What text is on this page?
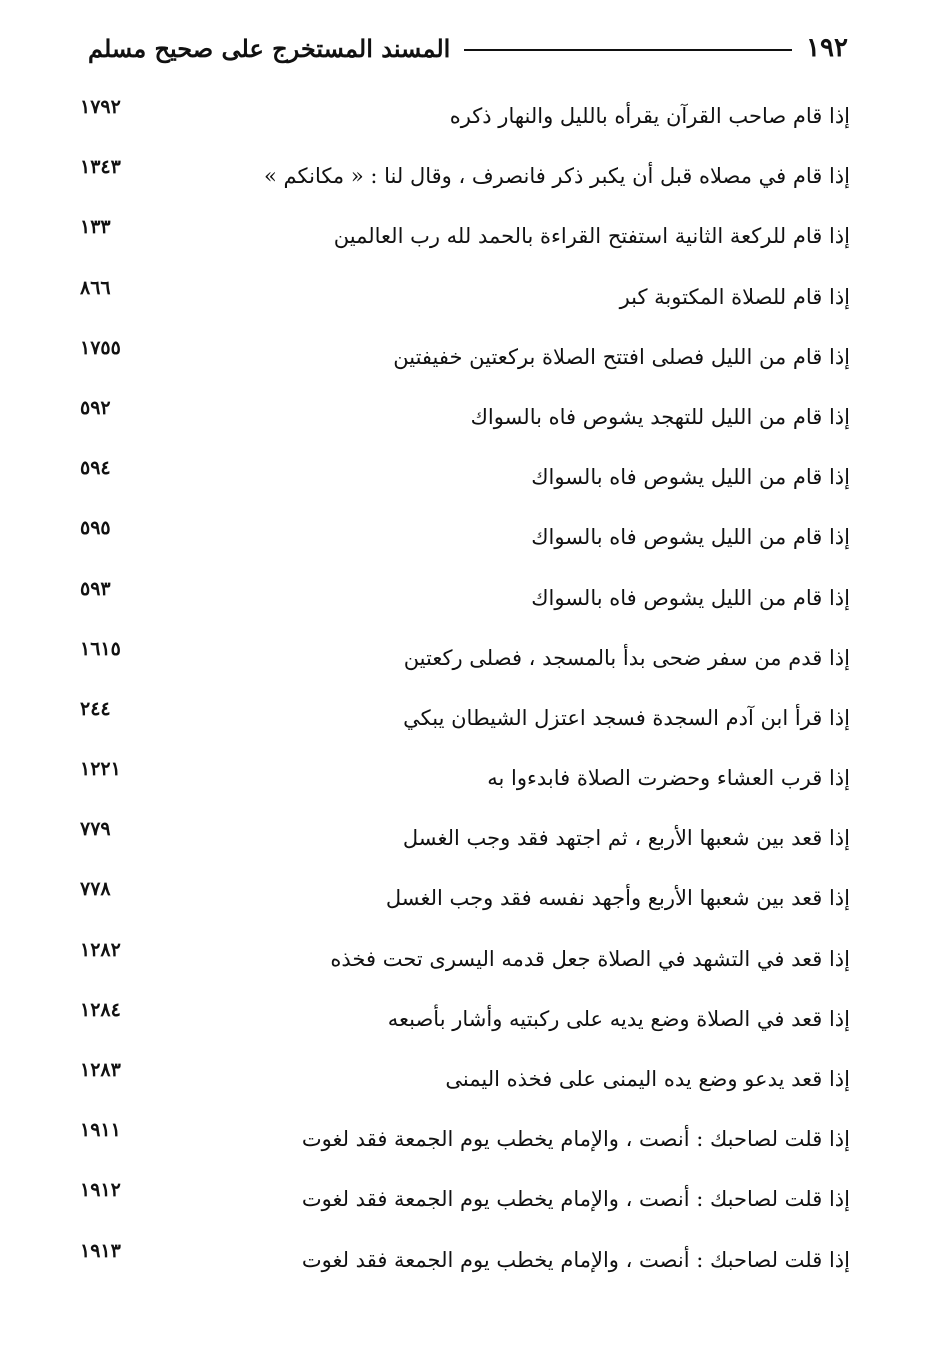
١٩٢
المسند المستخرج على صحيح مسلم
إذا قام صاحب القرآن يقرأه بالليل والنهار ذكره
١٧٩٢
إذا قام في مصلاه قبل أن يكبر ذكر فانصرف ، وقال لنا : « مكانكم »
١٣٤٣
إذا قام للركعة الثانية استفتح القراءة بالحمد لله رب العالمين
١٣٣
إذا قام للصلاة المكتوبة كبر
٨٦٦
إذا قام من الليل فصلى افتتح الصلاة بركعتين خفيفتين
١٧٥٥
إذا قام من الليل للتهجد يشوص فاه بالسواك
٥٩٢
إذا قام من الليل يشوص فاه بالسواك
٥٩٤
إذا قام من الليل يشوص فاه بالسواك
٥٩٥
إذا قام من الليل يشوص فاه بالسواك
٥٩٣
إذا قدم من سفر ضحى بدأ بالمسجد ، فصلى ركعتين
١٦١٥
إذا قرأ ابن آدم السجدة فسجد اعتزل الشيطان يبكي
٢٤٤
إذا قرب العشاء وحضرت الصلاة فابدءوا به
١٢٢١
إذا قعد بين شعبها الأربع ، ثم اجتهد فقد وجب الغسل
٧٧٩
إذا قعد بين شعبها الأربع وأجهد نفسه فقد وجب الغسل
٧٧٨
إذا قعد في التشهد في الصلاة جعل قدمه اليسرى تحت فخذه
١٢٨٢
إذا قعد في الصلاة وضع يديه على ركبتيه وأشار بأصبعه
١٢٨٤
إذا قعد يدعو وضع يده اليمنى على فخذه اليمنى
١٢٨٣
إذا قلت لصاحبك : أنصت ، والإمام يخطب يوم الجمعة فقد لغوت
١٩١١
إذا قلت لصاحبك : أنصت ، والإمام يخطب يوم الجمعة فقد لغوت
١٩١٢
إذا قلت لصاحبك : أنصت ، والإمام يخطب يوم الجمعة فقد لغوت
١٩١٣
